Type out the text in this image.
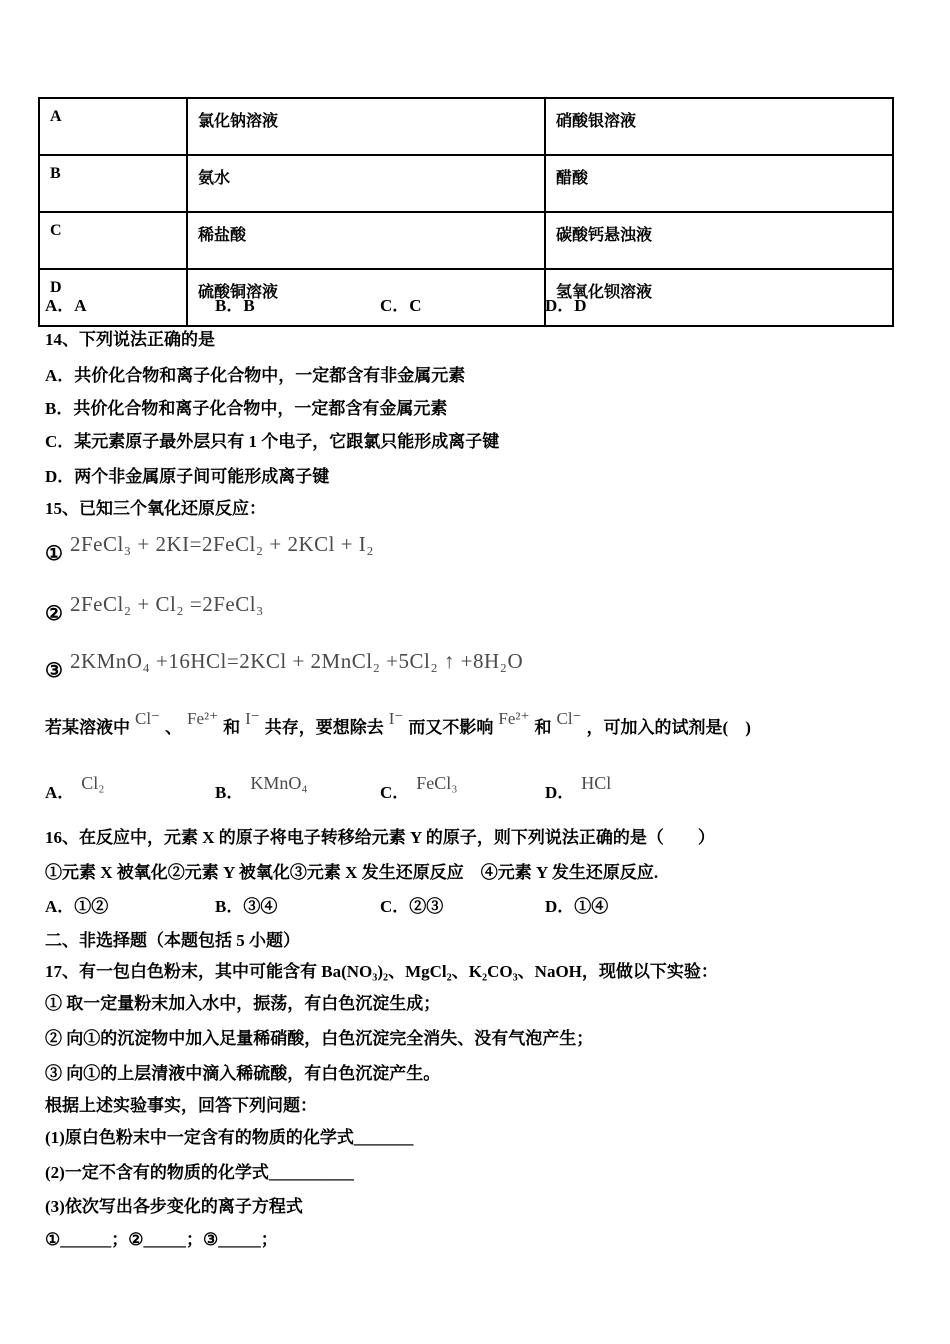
A	氯化钠溶液	硝酸银溶液
B	氨水	醋酸
C	稀盐酸	碳酸钙悬浊液
D	硫酸铜溶液	氢氧化钡溶液
A．A	B．B	C．C	D．D
14、下列说法正确的是
A．共价化合物和离子化合物中，一定都含有非金属元素
B．共价化合物和离子化合物中，一定都含有金属元素
C．某元素原子最外层只有 1 个电子，它跟氯只能形成离子键
D．两个非金属原子间可能形成离子键
15、已知三个氧化还原反应：
① 2FeCl₃ + 2KI=2FeCl₂ + 2KCl + I₂
② 2FeCl₂ + Cl₂ =2FeCl₃
③ 2KMnO₄ +16HCl=2KCl + 2MnCl₂ +5Cl₂ ↑ +8H₂O
若某溶液中 Cl⁻ 、 Fe²⁺ 和 I⁻ 共存，要想除去 I⁻ 而又不影响 Fe²⁺ 和 Cl⁻ ，可加入的试剂是(　)
A． Cl₂	B． KMnO₄	C． FeCl₃	D． HCl
16、在反应中，元素 X 的原子将电子转移给元素 Y 的原子，则下列说法正确的是（　　）
①元素 X 被氧化②元素 Y 被氧化③元素 X 发生还原反应　④元素 Y 发生还原反应.
A．①②	B．③④	C．②③	D．①④
二、非选择题（本题包括 5 小题）
17、有一包白色粉末，其中可能含有 Ba(NO₃)₂、MgCl₂、K₂CO₃、NaOH，现做以下实验：
① 取一定量粉末加入水中，振荡，有白色沉淀生成；
② 向①的沉淀物中加入足量稀硝酸，白色沉淀完全消失、没有气泡产生；
③ 向①的上层清液中滴入稀硫酸，有白色沉淀产生。
根据上述实验事实，回答下列问题：
(1)原白色粉末中一定含有的物质的化学式_______
(2)一定不含有的物质的化学式__________
(3)依次写出各步变化的离子方程式
①______；②_____；③_____；
